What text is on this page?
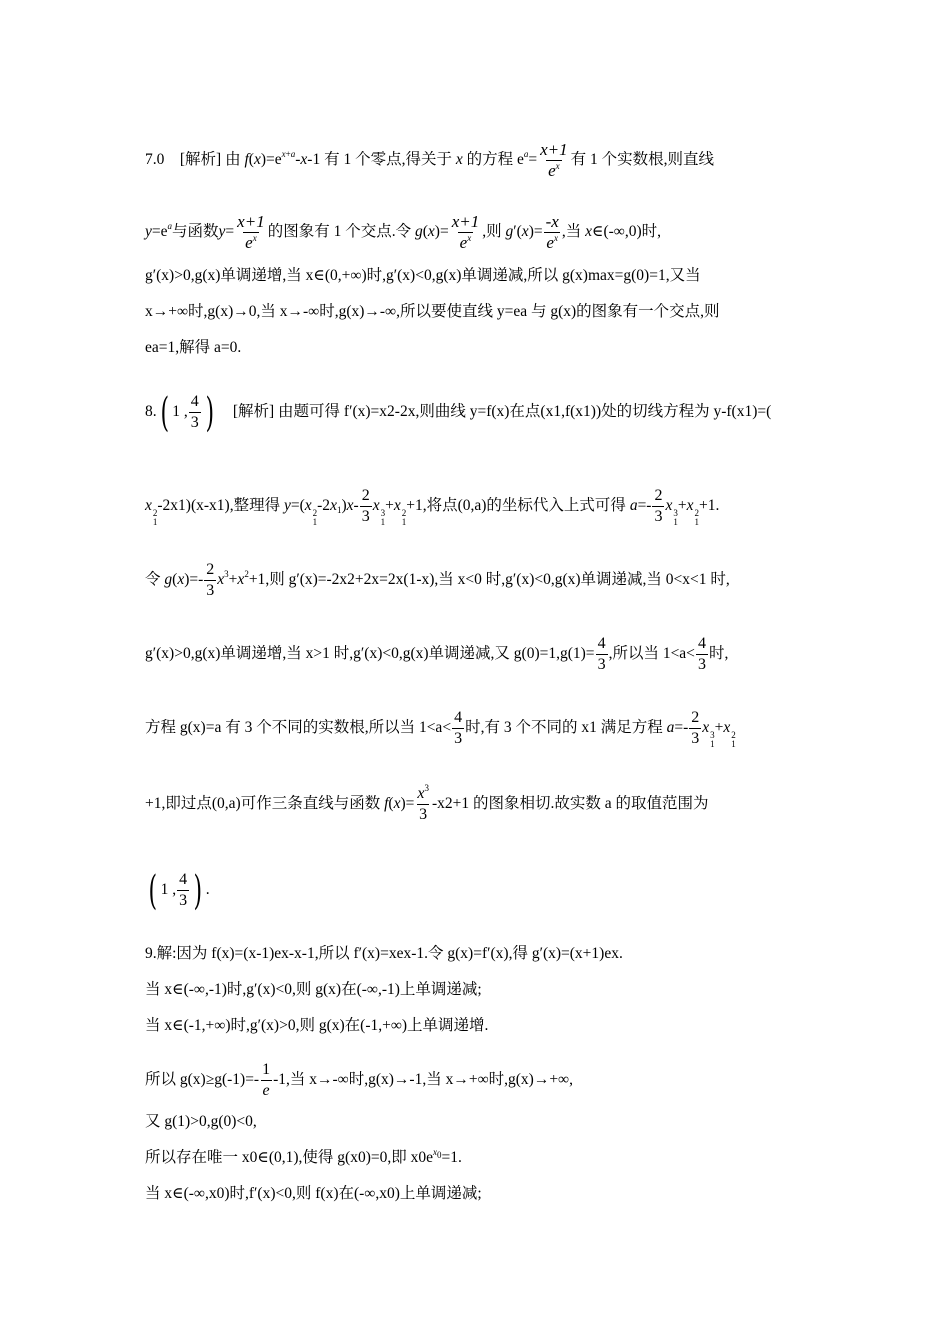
7.0 [解析] 由 $f(x)=e^{x+a}-x-1$ 有 1 个零点,得关于 x 的方程 $e^a= \frac{x+1}{e^x}$ 有 1 个实数根,则直线
$y=e^a$与函数$y= \frac{x+1}{e^x}$ 的图象有 1 个交点.令 $g(x)= \frac{x+1}{e^x}$ ,则 $g'(x)= \frac{-x}{e^x}$ ,当 x∈(-∞,0)时,
g′(x)>0,g(x)单调递增,当 x∈(0,+∞)时,g′(x)<0,g(x)单调递减,所以 g(x)max=g(0)=1,又当
x→+∞时,g(x)→0,当 x→-∞时,g(x)→-∞,所以要使直线 y=ea 与 g(x)的图象有一个交点,则
ea=1,解得 a=0.
8.( 1 , $\frac{4}{3}$ ) [解析] 由题可得 f′(x)=x2-2x,则曲线 y=f(x)在点(x1,f(x1))处的切线方程为 y-f(x1)=(
x 2
1
-2x1)(x-x1),整理得 y=(x 2
1
$-2x_1)x- \frac{2}{3}$ x 3
1
+x 2
1
+1,将点(0,a)的坐标代入上式可得 $a=- \frac{2}{3}$ x 3
1
+x 2
1
+1.
令 $g(x)=- \frac{2}{3} x^3+x^2+1$,则 g′(x)=-2x2+2x=2x(1-x),当 x<0 时,g′(x)<0,g(x)单调递减,当 0<x<1 时,
g′(x)>0,g(x)单调递增,当 x>1 时,g′(x)<0,g(x)单调递减,又 $g(0)=1,g(1)= \frac{4}{3}$ ,所以当 $1<a< \frac{4}{3}$ 时,
方程 g(x)=a 有 3 个不同的实数根,所以当 $1<a< \frac{4}{3}$ 时,有 3 个不同的 x1 满足方程 $a=- \frac{2}{3}$ x 3
1
+x 2
1
+1,即过点(0,a)可作三条直线与函数 $f(x)= \frac{x^3}{3} -x2+1$ 的图象相切.故实数 a 的取值范围为
( 1 , $\frac{4}{3}$ ) .
9.解:因为 f(x)=(x-1)ex-x-1,所以 f′(x)=xex-1.令 g(x)=f′(x),得 g′(x)=(x+1)ex.
当 x∈(-∞,-1)时,g′(x)<0,则 g(x)在(-∞,-1)上单调递减;
当 x∈(-1,+∞)时,g′(x)>0,则 g(x)在(-1,+∞)上单调递增.
所以 $g(x)\ge g(-1)=- \frac{1}{e} -1$,当 x→-∞时,g(x)→-1,当 x→+∞时,g(x)→+∞,
又 g(1)>0,g(0)<0,
所以存在唯一 x0∈(0,1),使得 g(x0)=0,即 $x0e^{x_0}=1$.
当 x∈(-∞,x0)时,f′(x)<0,则 f(x)在(-∞,x0)上单调递减;
